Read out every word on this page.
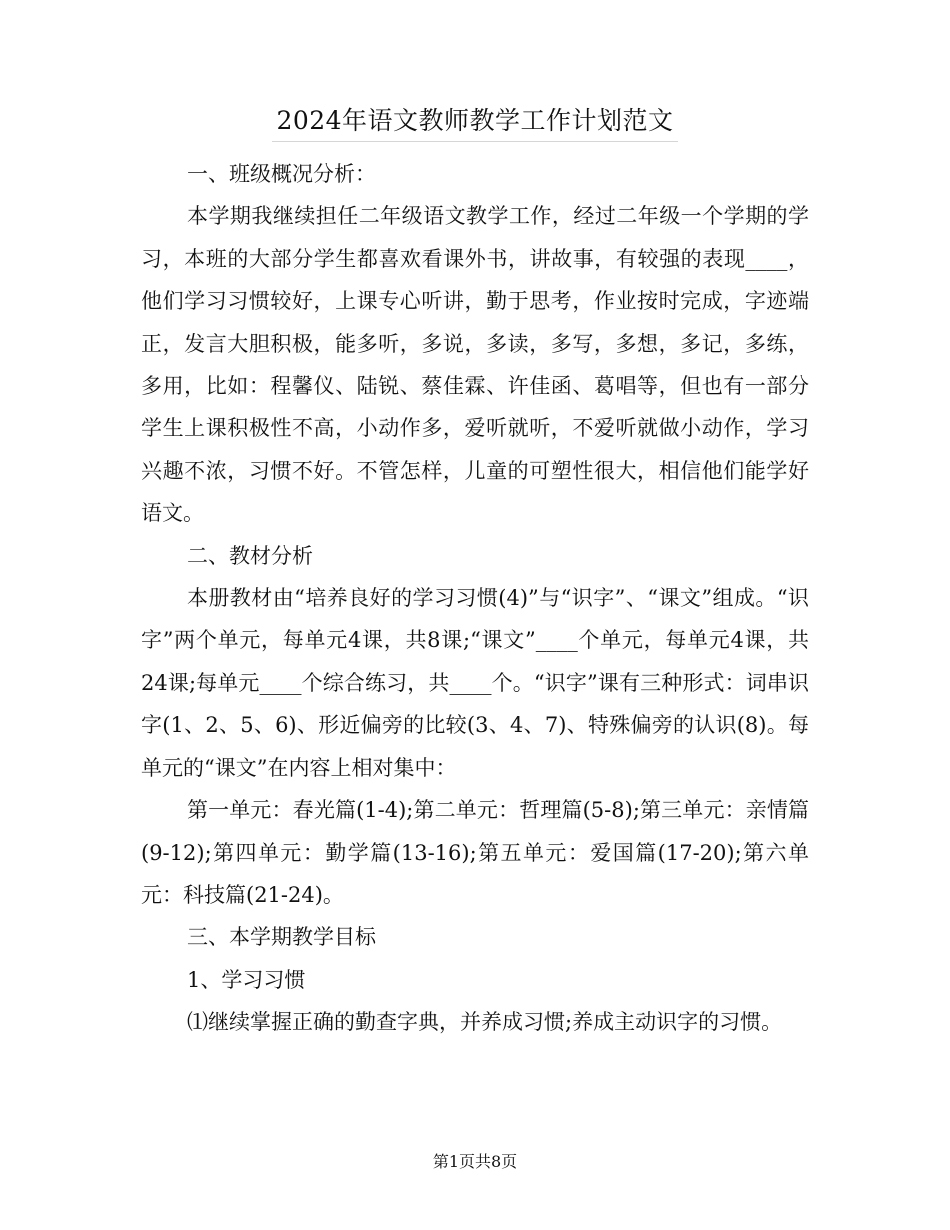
2024年语文教师教学工作计划范文

一、班级概况分析：

本学期我继续担任二年级语文教学工作，经过二年级一个学期的学习，本班的大部分学生都喜欢看课外书，讲故事，有较强的表现____，他们学习习惯较好，上课专心听讲，勤于思考，作业按时完成，字迹端正，发言大胆积极，能多听，多说，多读，多写，多想，多记，多练，多用，比如：程馨仪、陆锐、蔡佳霖、许佳函、葛唱等，但也有一部分学生上课积极性不高，小动作多，爱听就听，不爱听就做小动作，学习兴趣不浓，习惯不好。不管怎样，儿童的可塑性很大，相信他们能学好语文。

二、教材分析

本册教材由“培养良好的学习习惯(4)”与“识字”、“课文”组成。“识字”两个单元，每单元4课，共8课;“课文”____个单元，每单元4课，共24课;每单元____个综合练习，共____个。“识字”课有三种形式：词串识字(1、2、5、6)、形近偏旁的比较(3、4、7)、特殊偏旁的认识(8)。每单元的“课文”在内容上相对集中：

第一单元：春光篇(1-4);第二单元：哲理篇(5-8);第三单元：亲情篇(9-12);第四单元：勤学篇(13-16);第五单元：爱国篇(17-20);第六单元：科技篇(21-24)。

三、本学期教学目标

1、学习习惯

⑴继续掌握正确的勤查字典，并养成习惯;养成主动识字的习惯。

第1页共8页
